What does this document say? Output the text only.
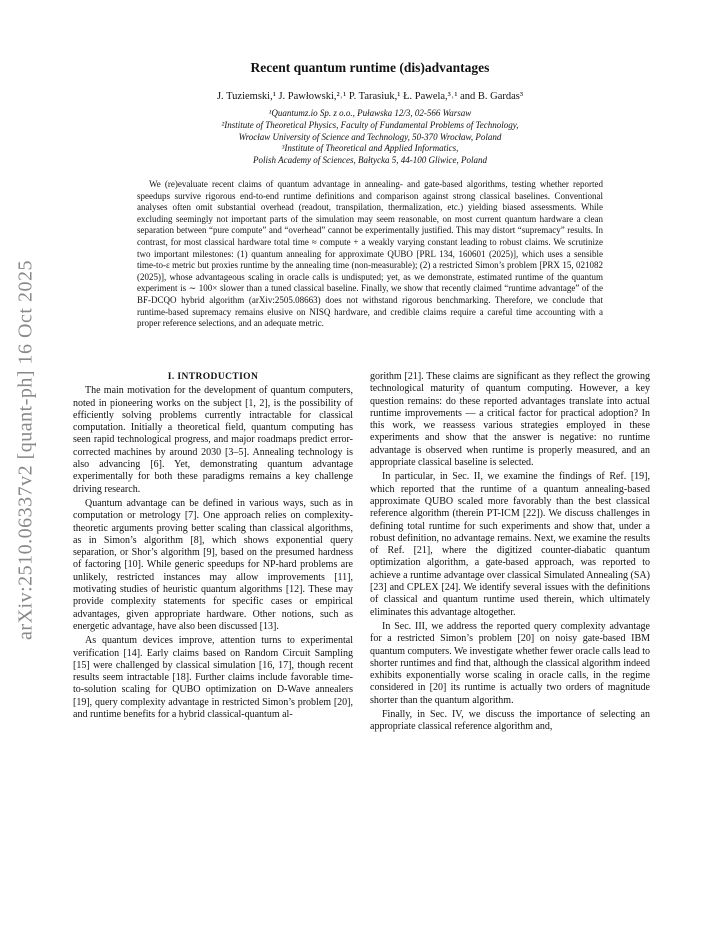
arXiv:2510.06337v2 [quant-ph] 16 Oct 2025
Recent quantum runtime (dis)advantages
J. Tuziemski,¹ J. Pawłowski,²˒¹ P. Tarasiuk,¹ Ł. Pawela,³˒¹ and B. Gardas³
¹Quantumz.io Sp. z o.o., Puławska 12/3, 02-566 Warsaw
²Institute of Theoretical Physics, Faculty of Fundamental Problems of Technology,
Wrocław University of Science and Technology, 50-370 Wrocław, Poland
³Institute of Theoretical and Applied Informatics,
Polish Academy of Sciences, Bałtycka 5, 44-100 Gliwice, Poland
We (re)evaluate recent claims of quantum advantage in annealing- and gate-based algorithms, testing whether reported speedups survive rigorous end-to-end runtime definitions and comparison against strong classical baselines. Conventional analyses often omit substantial overhead (readout, transpilation, thermalization, etc.) yielding biased assessments. While excluding seemingly not important parts of the simulation may seem reasonable, on most current quantum hardware a clean separation between “pure compute” and “overhead” cannot be experimentally justified. This may distort “supremacy” results. In contrast, for most classical hardware total time ≈ compute + a weakly varying constant leading to robust claims. We scrutinize two important milestones: (1) quantum annealing for approximate QUBO [PRL 134, 160601 (2025)], which uses a sensible time-to-ε metric but proxies runtime by the annealing time (non-measurable); (2) a restricted Simon’s problem [PRX 15, 021082 (2025)], whose advantageous scaling in oracle calls is undisputed; yet, as we demonstrate, estimated runtime of the quantum experiment is ∼ 100× slower than a tuned classical baseline. Finally, we show that recently claimed “runtime advantage” of the BF-DCQO hybrid algorithm (arXiv:2505.08663) does not withstand rigorous benchmarking. Therefore, we conclude that runtime-based supremacy remains elusive on NISQ hardware, and credible claims require a careful time accounting with a proper reference selections, and an adequate metric.

I. INTRODUCTION

The main motivation for the development of quantum computers, noted in pioneering works on the subject [1, 2], is the possibility of efficiently solving problems currently intractable for classical computation. Initially a theoretical field, quantum computing has seen rapid technological progress, and major roadmaps predict error-corrected machines by around 2030 [3–5]. Annealing technology is also advancing [6]. Yet, demonstrating quantum advantage experimentally for both these paradigms remains a key challenge driving research.

Quantum advantage can be defined in various ways, such as in computation or metrology [7]. One approach relies on complexity-theoretic arguments proving better scaling than classical algorithms, as in Simon’s algorithm [8], which shows exponential query separation, or Shor’s algorithm [9], based on the presumed hardness of factoring [10]. While generic speedups for NP-hard problems are unlikely, restricted instances may allow improvements [11], motivating studies of heuristic quantum algorithms [12]. These may provide complexity statements for specific cases or empirical advantages, given appropriate hardware. Other notions, such as energetic advantage, have also been discussed [13].

As quantum devices improve, attention turns to experimental verification [14]. Early claims based on Random Circuit Sampling [15] were challenged by classical simulation [16, 17], though recent results seem intractable [18]. Further claims include favorable time-to-solution scaling for QUBO optimization on D-Wave annealers [19], query complexity advantage in restricted Simon’s problem [20], and runtime benefits for a hybrid classical-quantum al-

gorithm [21]. These claims are significant as they reflect the growing technological maturity of quantum computing. However, a key question remains: do these reported advantages translate into actual runtime improvements — a critical factor for practical adoption? In this work, we reassess various strategies employed in these experiments and show that the answer is negative: no runtime advantage is observed when runtime is properly measured, and an appropriate classical baseline is selected.

In particular, in Sec. II, we examine the findings of Ref. [19], which reported that the runtime of a quantum annealing-based approximate QUBO scaled more favorably than the best classical reference algorithm (therein PT-ICM [22]). We discuss challenges in defining total runtime for such experiments and show that, under a robust definition, no advantage remains. Next, we examine the results of Ref. [21], where the digitized counter-diabatic quantum optimization algorithm, a gate-based approach, was reported to achieve a runtime advantage over classical Simulated Annealing (SA) [23] and CPLEX [24]. We identify several issues with the definitions of classical and quantum runtime used therein, which ultimately eliminates this advantage altogether.

In Sec. III, we address the reported query complexity advantage for a restricted Simon’s problem [20] on noisy gate-based IBM quantum computers. We investigate whether fewer oracle calls lead to shorter runtimes and find that, although the classical algorithm indeed exhibits exponentially worse scaling in oracle calls, in the regime considered in [20] its runtime is actually two orders of magnitude shorter than the quantum algorithm.

Finally, in Sec. IV, we discuss the importance of selecting an appropriate classical reference algorithm and,
